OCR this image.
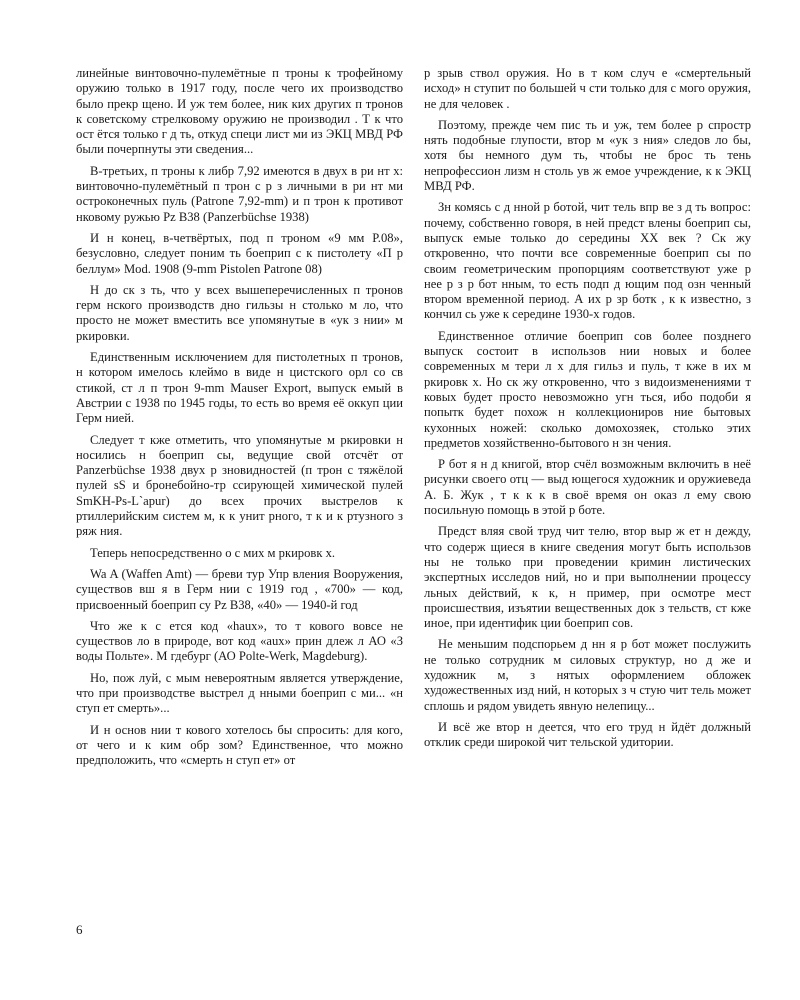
линейные винтовочно-пулемётные п троны к трофейному оружию только в 1917 году, после чего их производство было прекр щено. И уж тем более, ник ких других п тронов к советскому стрелковому оружию не производил . Т к что ост ётся только г д ть, откуд специ лист ми из ЭКЦ МВД РФ были почерпнуты эти сведения...

В-третьих, п троны к либр 7,92 имеются в двух в ри нт х: винтовочно-пулемётный п трон с р з личными в ри нт ми остроконечных пуль (Patrone 7,92-mm) и п трон к противот нковому ружью Pz B38 (Panzerbüchse 1938)

И н конец, в-четвёртых, под п троном «9 мм P.08», безусловно, следует поним ть боеприп с к пистолету «П р беллум» Mod. 1908 (9-mm Pistolen Patrone 08)

Н до ск з ть, что у всех вышеперечисленных п тронов герм нского производств дно гильзы н столько м ло, что просто не может вместить все упомянутые в «ук з нии» м ркировки.

Единственным исключением для пистолетных п тронов, н котором имелось клеймо в виде н цистского орл со св стикой, ст л п трон 9-mm Mauser Export, выпуск емый в Австрии с 1938 по 1945 годы, то есть во время её оккуп ции Герм нией.

Следует т кже отметить, что упомянутые м ркировки н носились н боеприп сы, ведущие свой отсчёт от Panzerbüchse 1938 двух р зновидностей (п трон с тяжёлой пулей sS и бронебойно-тр ссирующей химической пулей SmKH-Ps-L`apur) до всех прочих выстрелов к ртиллерийским систем м, к к унит рного, т к и к ртузного з ряж ния.

Теперь непосредственно о с мих м ркировк х.

Wa A (Waffen Amt) — бреви тур Упр вления Вооружения, существов вш я в Герм нии с 1919 год , «700» — код, присвоенный боеприп су Pz B38, «40» — 1940-й год

Что же к с ется код «haux», то т кового вовсе не существов ло в природе, вот код «aux» прин длеж л АО «З воды Польте». М гдебург (АО Polte-Werk, Magdeburg).

Но, пож луй, с мым невероятным является утверждение, что при производстве выстрел д нными боеприп с ми... «н ступ ет смерть»...

И н основ нии т кового хотелось бы спросить: для кого, от чего и к ким обр зом? Единственное, что можно предположить, что «смерть н ступ ет» от

р зрыв ствол оружия. Но в т ком случ е «смертельный исход» н ступит по большей ч сти только для с мого оружия, не для человек .

Поэтому, прежде чем пис ть и уж, тем более р спростр нять подобные глупости, втор м «ук з ния» следов ло бы, хотя бы немного дум ть, чтобы не брос ть тень непрофессион лизм н столь ув ж емое учреждение, к к ЭКЦ МВД РФ.

Зн комясь с д нной р ботой, чит тель впр ве з д ть вопрос: почему, собственно говоря, в ней предст влены боеприп сы, выпуск емые только до середины XX век ? Ск жу откровенно, что почти все современные боеприп сы по своим геометрическим пропорциям соответствуют уже р нее р з р бот нным, то есть подп д ющим под озн ченный втором временной период. А их р зр ботк , к к известно, з кончил сь уже к середине 1930-х годов.

Единственное отличие боеприп сов более позднего выпуск состоит в использов нии новых и более современных м тери л х для гильз и пуль, т кже в их м ркировк х. Но ск жу откровенно, что з видоизменениями т ковых будет просто невозможно угн ться, ибо подоби я попытк будет похож н коллекциониров ние бытовых кухонных ножей: сколько домохозяек, столько этих предметов хозяйственно-бытового н зн чения.

Р бот я н д книгой, втор счёл возможным включить в неё рисунки своего отц — выд ющегося художник и оружиеведа А. Б. Жук , т к к к в своё время он оказ л ему свою посильную помощь в этой р боте.

Предст вляя свой труд чит телю, втор выр ж ет н дежду, что содерж щиеся в книге сведения могут быть использов ны не только при проведении кримин листических экспертных исследов ний, но и при выполнении процессу льных действий, к к, н пример, при осмотре мест происшествия, изъятии вещественных док з тельств, ст кже иное, при идентифик ции боеприп сов.

Не меньшим подспорьем д нн я р бот может послужить не только сотрудник м силовых структур, но д же и художник м, з нятых оформлением обложек художественных изд ний, н которых з ч стую чит тель может сплошь и рядом увидеть явную нелепицу...

И всё же втор н деется, что его труд н йдёт должный отклик среди широкой чит тельской удитории.

6
